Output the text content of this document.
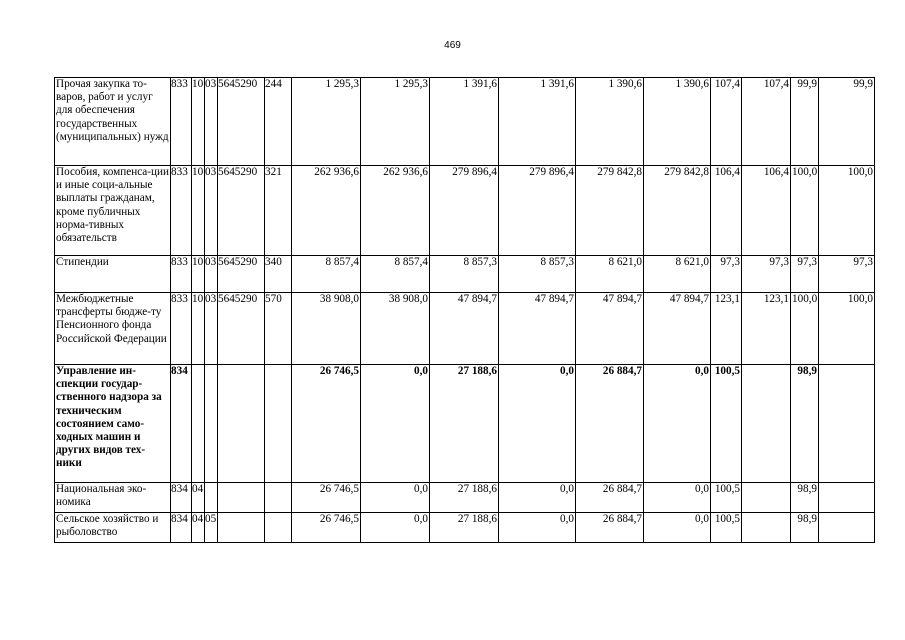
469
Прочая закупка то-варов, работ и услуг для обеспечения государственных (муниципальных) нужд	833	10	03	5645290	244	1 295,3	1 295,3	1 391,6	1 391,6	1 390,6	1 390,6	107,4	107,4	99,9	99,9
Пособия, компенса-ции и иные соци-альные выплаты гражданам, кроме публичных норма-тивных обязательств	833	10	03	5645290	321	262 936,6	262 936,6	279 896,4	279 896,4	279 842,8	279 842,8	106,4	106,4	100,0	100,0
Стипендии	833	10	03	5645290	340	8 857,4	8 857,4	8 857,3	8 857,3	8 621,0	8 621,0	97,3	97,3	97,3	97,3
Межбюджетные трансферты бюдже-ту Пенсионного фонда Российской Федерации	833	10	03	5645290	570	38 908,0	38 908,0	47 894,7	47 894,7	47 894,7	47 894,7	123,1	123,1	100,0	100,0
Управление ин-спекции государ-ственного надзора за техническим состоянием само-ходных машин и других видов тех-ники	834					26 746,5	0,0	27 188,6	0,0	26 884,7	0,0	100,5		98,9	
Национальная эко-номика	834	04				26 746,5	0,0	27 188,6	0,0	26 884,7	0,0	100,5		98,9	
Сельское хозяйство и рыболовство	834	04	05			26 746,5	0,0	27 188,6	0,0	26 884,7	0,0	100,5		98,9	
